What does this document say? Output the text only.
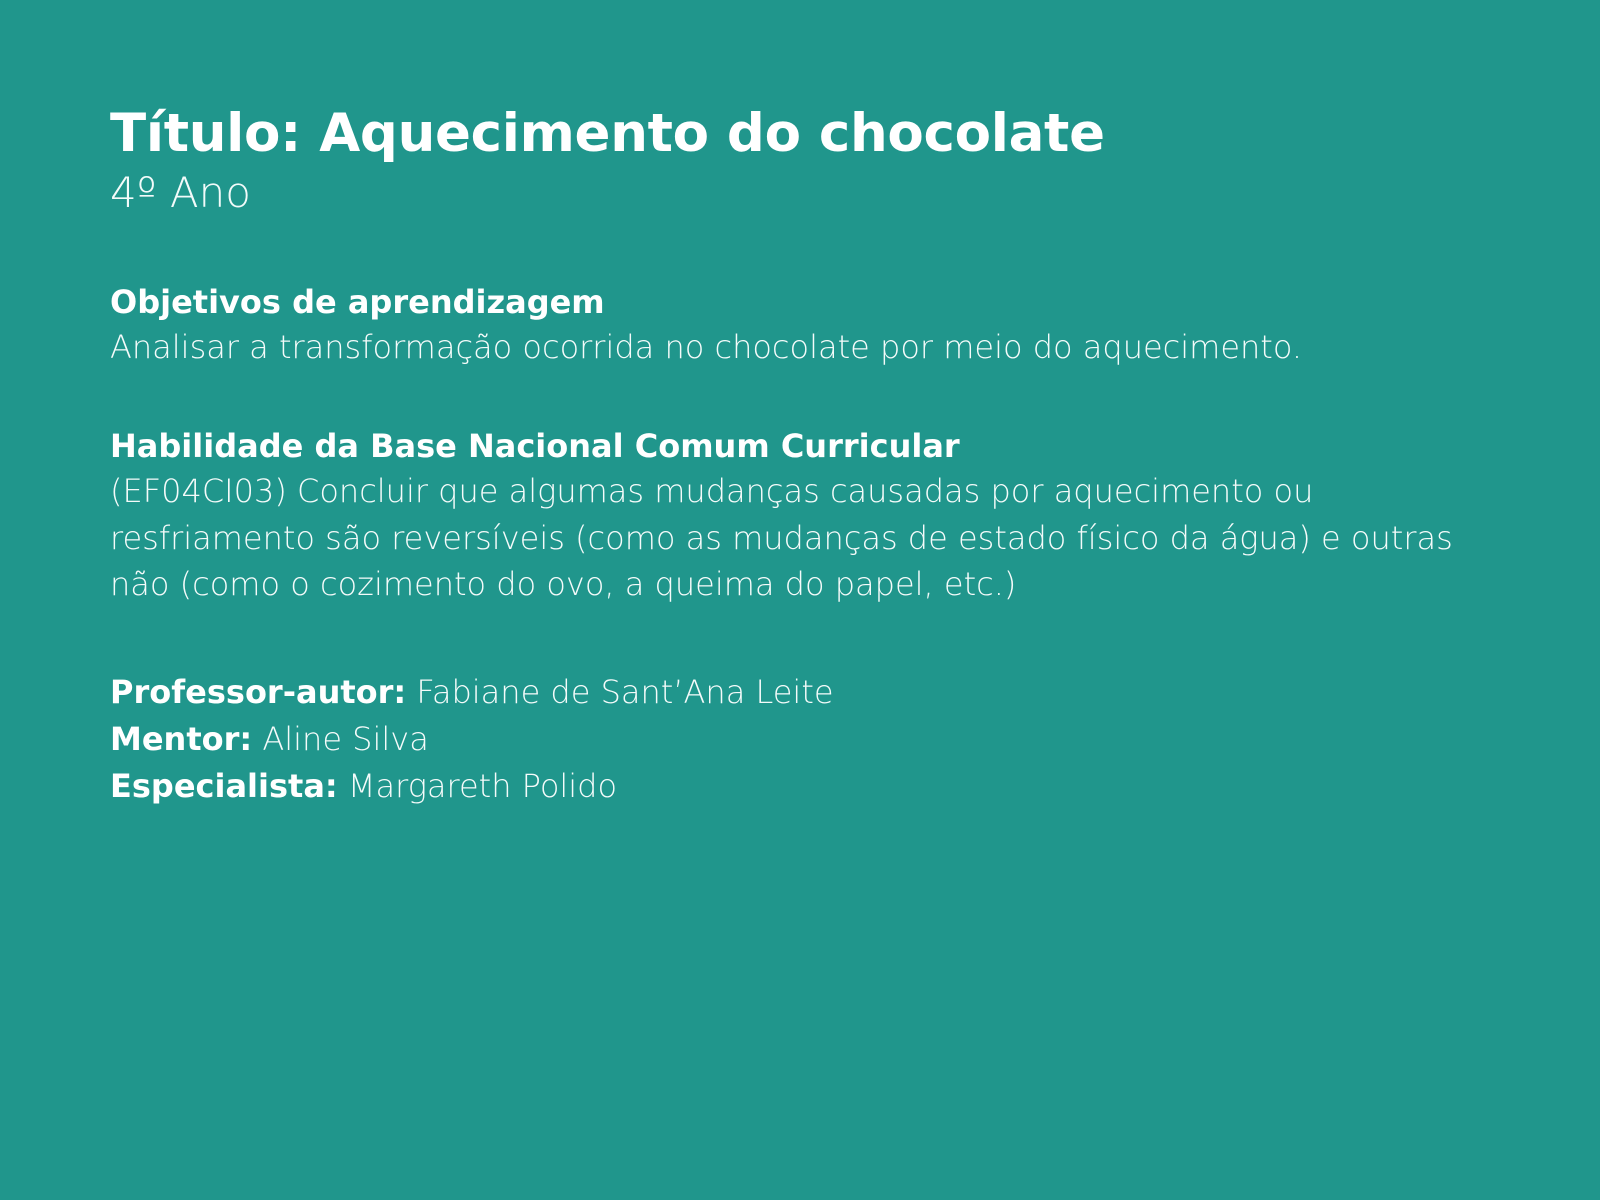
Título: Aquecimento do chocolate
4º Ano
Objetivos de aprendizagem

Analisar a transformação ocorrida no chocolate por meio do aquecimento.

Habilidade da Base Nacional Comum Curricular

(EF04CI03) Concluir que algumas mudanças causadas por aquecimento ou resfriamento são reversíveis (como as mudanças de estado físico da água) e outras não (como o cozimento do ovo, a queima do papel, etc.)

Professor-autor: Fabiane de Sant’Ana Leite
Mentor: Aline Silva
Especialista: Margareth Polido
